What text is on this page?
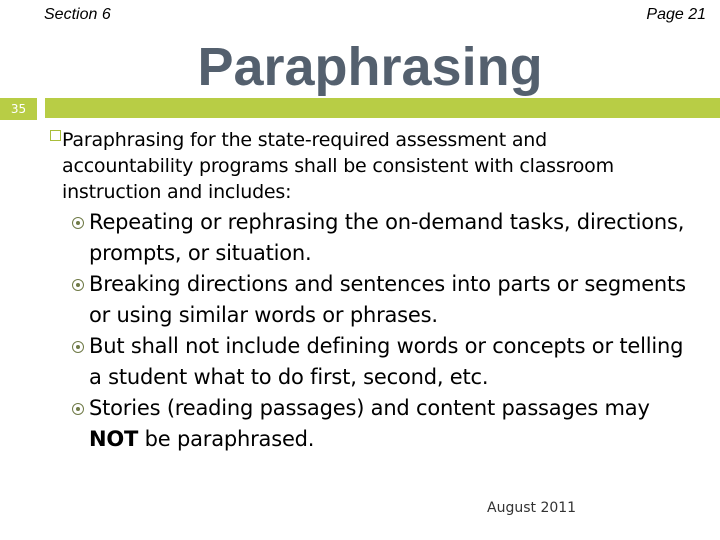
Section 6	Page 21
Paraphrasing
35
Paraphrasing for the state-required assessment and accountability programs shall be consistent with classroom instruction and includes:
Repeating or rephrasing the on-demand tasks, directions, prompts, or situation.
Breaking directions and sentences into parts or segments or using similar words or phrases.
But shall not include defining words or concepts or telling a student what to do first, second, etc.
Stories (reading passages) and content passages may NOT be paraphrased.
August 2011
